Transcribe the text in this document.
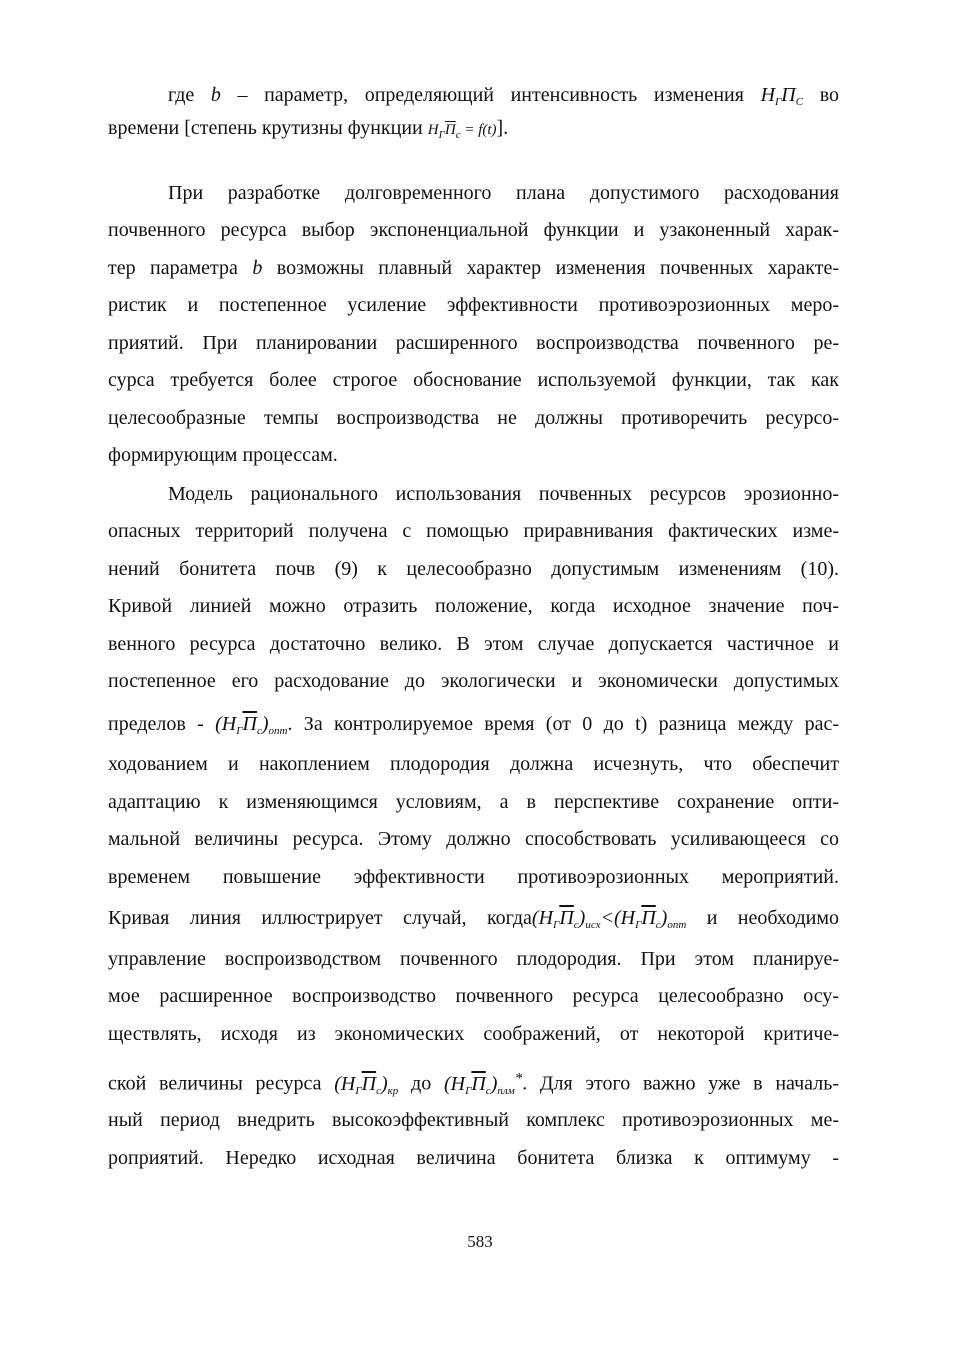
где b – параметр, определяющий интенсивность изменения $H_ГП_С$ во
времени [степень крутизны функции $H_ГП_c = f(t)$].
При разработке долговременного плана допустимого расходования
почвенного ресурса выбор экспоненциальной функции и узаконенный харак-
тер параметра b возможны плавный характер изменения почвенных характе-
ристик и постепенное усиление эффективности противоэрозионных меро-
приятий. При планировании расширенного воспроизводства почвенного ре-
сурса требуется более строгое обоснование используемой функции, так как
целесообразные темпы воспроизводства не должны противоречить ресурсо-
формирующим процессам.
Модель рационального использования почвенных ресурсов эрозионно-
опасных территорий получена с помощью приравнивания фактических изме-
нений бонитета почв (9) к целесообразно допустимым изменениям (10).
Кривой линией можно отразить положение, когда исходное значение поч-
венного ресурса достаточно велико. В этом случае допускается частичное и
постепенное его расходование до экологически и экономически допустимых
пределов - $(H_ГП_c)_{опт}$. За контролируемое время (от 0 до t) разница между рас-
ходованием и накоплением плодородия должна исчезнуть, что обеспечит
адаптацию к изменяющимся условиям, а в перспективе сохранение опти-
мальной величины ресурса. Этому должно способствовать усиливающееся со
временем повышение эффективности противоэрозионных мероприятий.
Кривая линия иллюстрирует случай, $когда(H_ГП_c)_{исх}<(H_ГП_c)_{опт}$ и необходимо
управление воспроизводством почвенного плодородия. При этом планируе-
мое расширенное воспроизводство почвенного ресурса целесообразно осу-
ществлять, исходя из экономических соображений, от некоторой критиче-
ской величины ресурса $(H_ГП_c)_{кр}$ до $(H_ГП_c)_{плм}^*$. Для этого важно уже в началь-
ный период внедрить высокоэффективный комплекс противоэрозионных ме-
роприятий. Нередко исходная величина бонитета близка к оптимуму -
583
